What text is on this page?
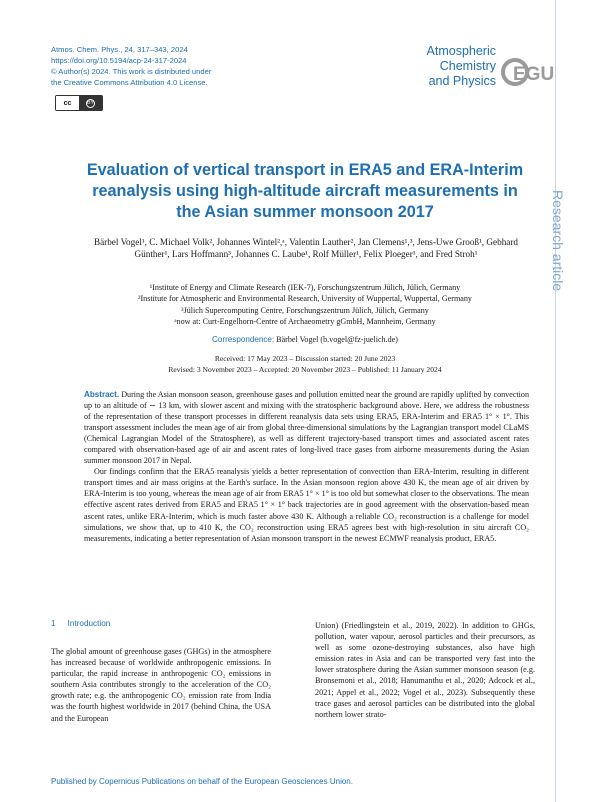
Atmos. Chem. Phys., 24, 317–343, 2024
https://doi.org/10.5194/acp-24-317-2024
© Author(s) 2024. This work is distributed under
the Creative Commons Attribution 4.0 License.
cc	BY
Atmospheric
Chemistry
and Physics EGU
Research article
Evaluation of vertical transport in ERA5 and ERA-Interim reanalysis using high-altitude aircraft measurements in the Asian summer monsoon 2017
Bärbel Vogel¹, C. Michael Volk², Johannes Wintel²,ᵃ, Valentin Lauther², Jan Clemens¹,³, Jens-Uwe Grooß¹, Gebhard Günther¹, Lars Hoffmann³, Johannes C. Laube¹, Rolf Müller¹, Felix Ploeger¹, and Fred Stroh¹
¹Institute of Energy and Climate Research (IEK-7), Forschungszentrum Jülich, Jülich, Germany
²Institute for Atmospheric and Environmental Research, University of Wuppertal, Wuppertal, Germany
³Jülich Supercomputing Centre, Forschungszentrum Jülich, Jülich, Germany
ᵃnow at: Curt-Engelhorn-Centre of Archaeometry gGmbH, Mannheim, Germany
Correspondence: Bärbel Vogel (b.vogel@fz-juelich.de)
Received: 17 May 2023 – Discussion started: 20 June 2023
Revised: 3 November 2023 – Accepted: 20 November 2023 – Published: 11 January 2024

Abstract. During the Asian monsoon season, greenhouse gases and pollution emitted near the ground are rapidly uplifted by convection up to an altitude of ∼ 13 km, with slower ascent and mixing with the stratospheric background above. Here, we address the robustness of the representation of these transport processes in different reanalysis data sets using ERA5, ERA-Interim and ERA5 1° × 1°. This transport assessment includes the mean age of air from global three-dimensional simulations by the Lagrangian transport model CLaMS (Chemical Lagrangian Model of the Stratosphere), as well as different trajectory-based transport times and associated ascent rates compared with observation-based age of air and ascent rates of long-lived trace gases from airborne measurements during the Asian summer monsoon 2017 in Nepal.

Our findings confirm that the ERA5 reanalysis yields a better representation of convection than ERA-Interim, resulting in different transport times and air mass origins at the Earth's surface. In the Asian monsoon region above 430 K, the mean age of air driven by ERA-Interim is too young, whereas the mean age of air from ERA5 1° × 1° is too old but somewhat closer to the observations. The mean effective ascent rates derived from ERA5 and ERA5 1° × 1° back trajectories are in good agreement with the observation-based mean ascent rates, unlike ERA-Interim, which is much faster above 430 K. Although a reliable CO₂ reconstruction is a challenge for model simulations, we show that, up to 410 K, the CO₂ reconstruction using ERA5 agrees best with high-resolution in situ aircraft CO₂ measurements, indicating a better representation of Asian monsoon transport in the newest ECMWF reanalysis product, ERA5.

1 Introduction

The global amount of greenhouse gases (GHGs) in the atmosphere has increased because of worldwide anthropogenic emissions. In particular, the rapid increase in anthropogenic CO₂ emissions in southern Asia contributes strongly to the acceleration of the CO₂ growth rate; e.g. the anthropogenic CO₂ emission rate from India was the fourth highest worldwide in 2017 (behind China, the USA and the European

Union) (Friedlingstein et al., 2019, 2022). In addition to GHGs, pollution, water vapour, aerosol particles and their precursors, as well as some ozone-destroying substances, also have high emission rates in Asia and can be transported very fast into the lower stratosphere during the Asian summer monsoon season (e.g. Bronsemoni et al., 2018; Hanumanthu et al., 2020; Adcock et al., 2021; Appel et al., 2022; Vogel et al., 2023). Subsequently these trace gases and aerosol particles can be distributed into the global northern lower strato-

Published by Copernicus Publications on behalf of the European Geosciences Union.
